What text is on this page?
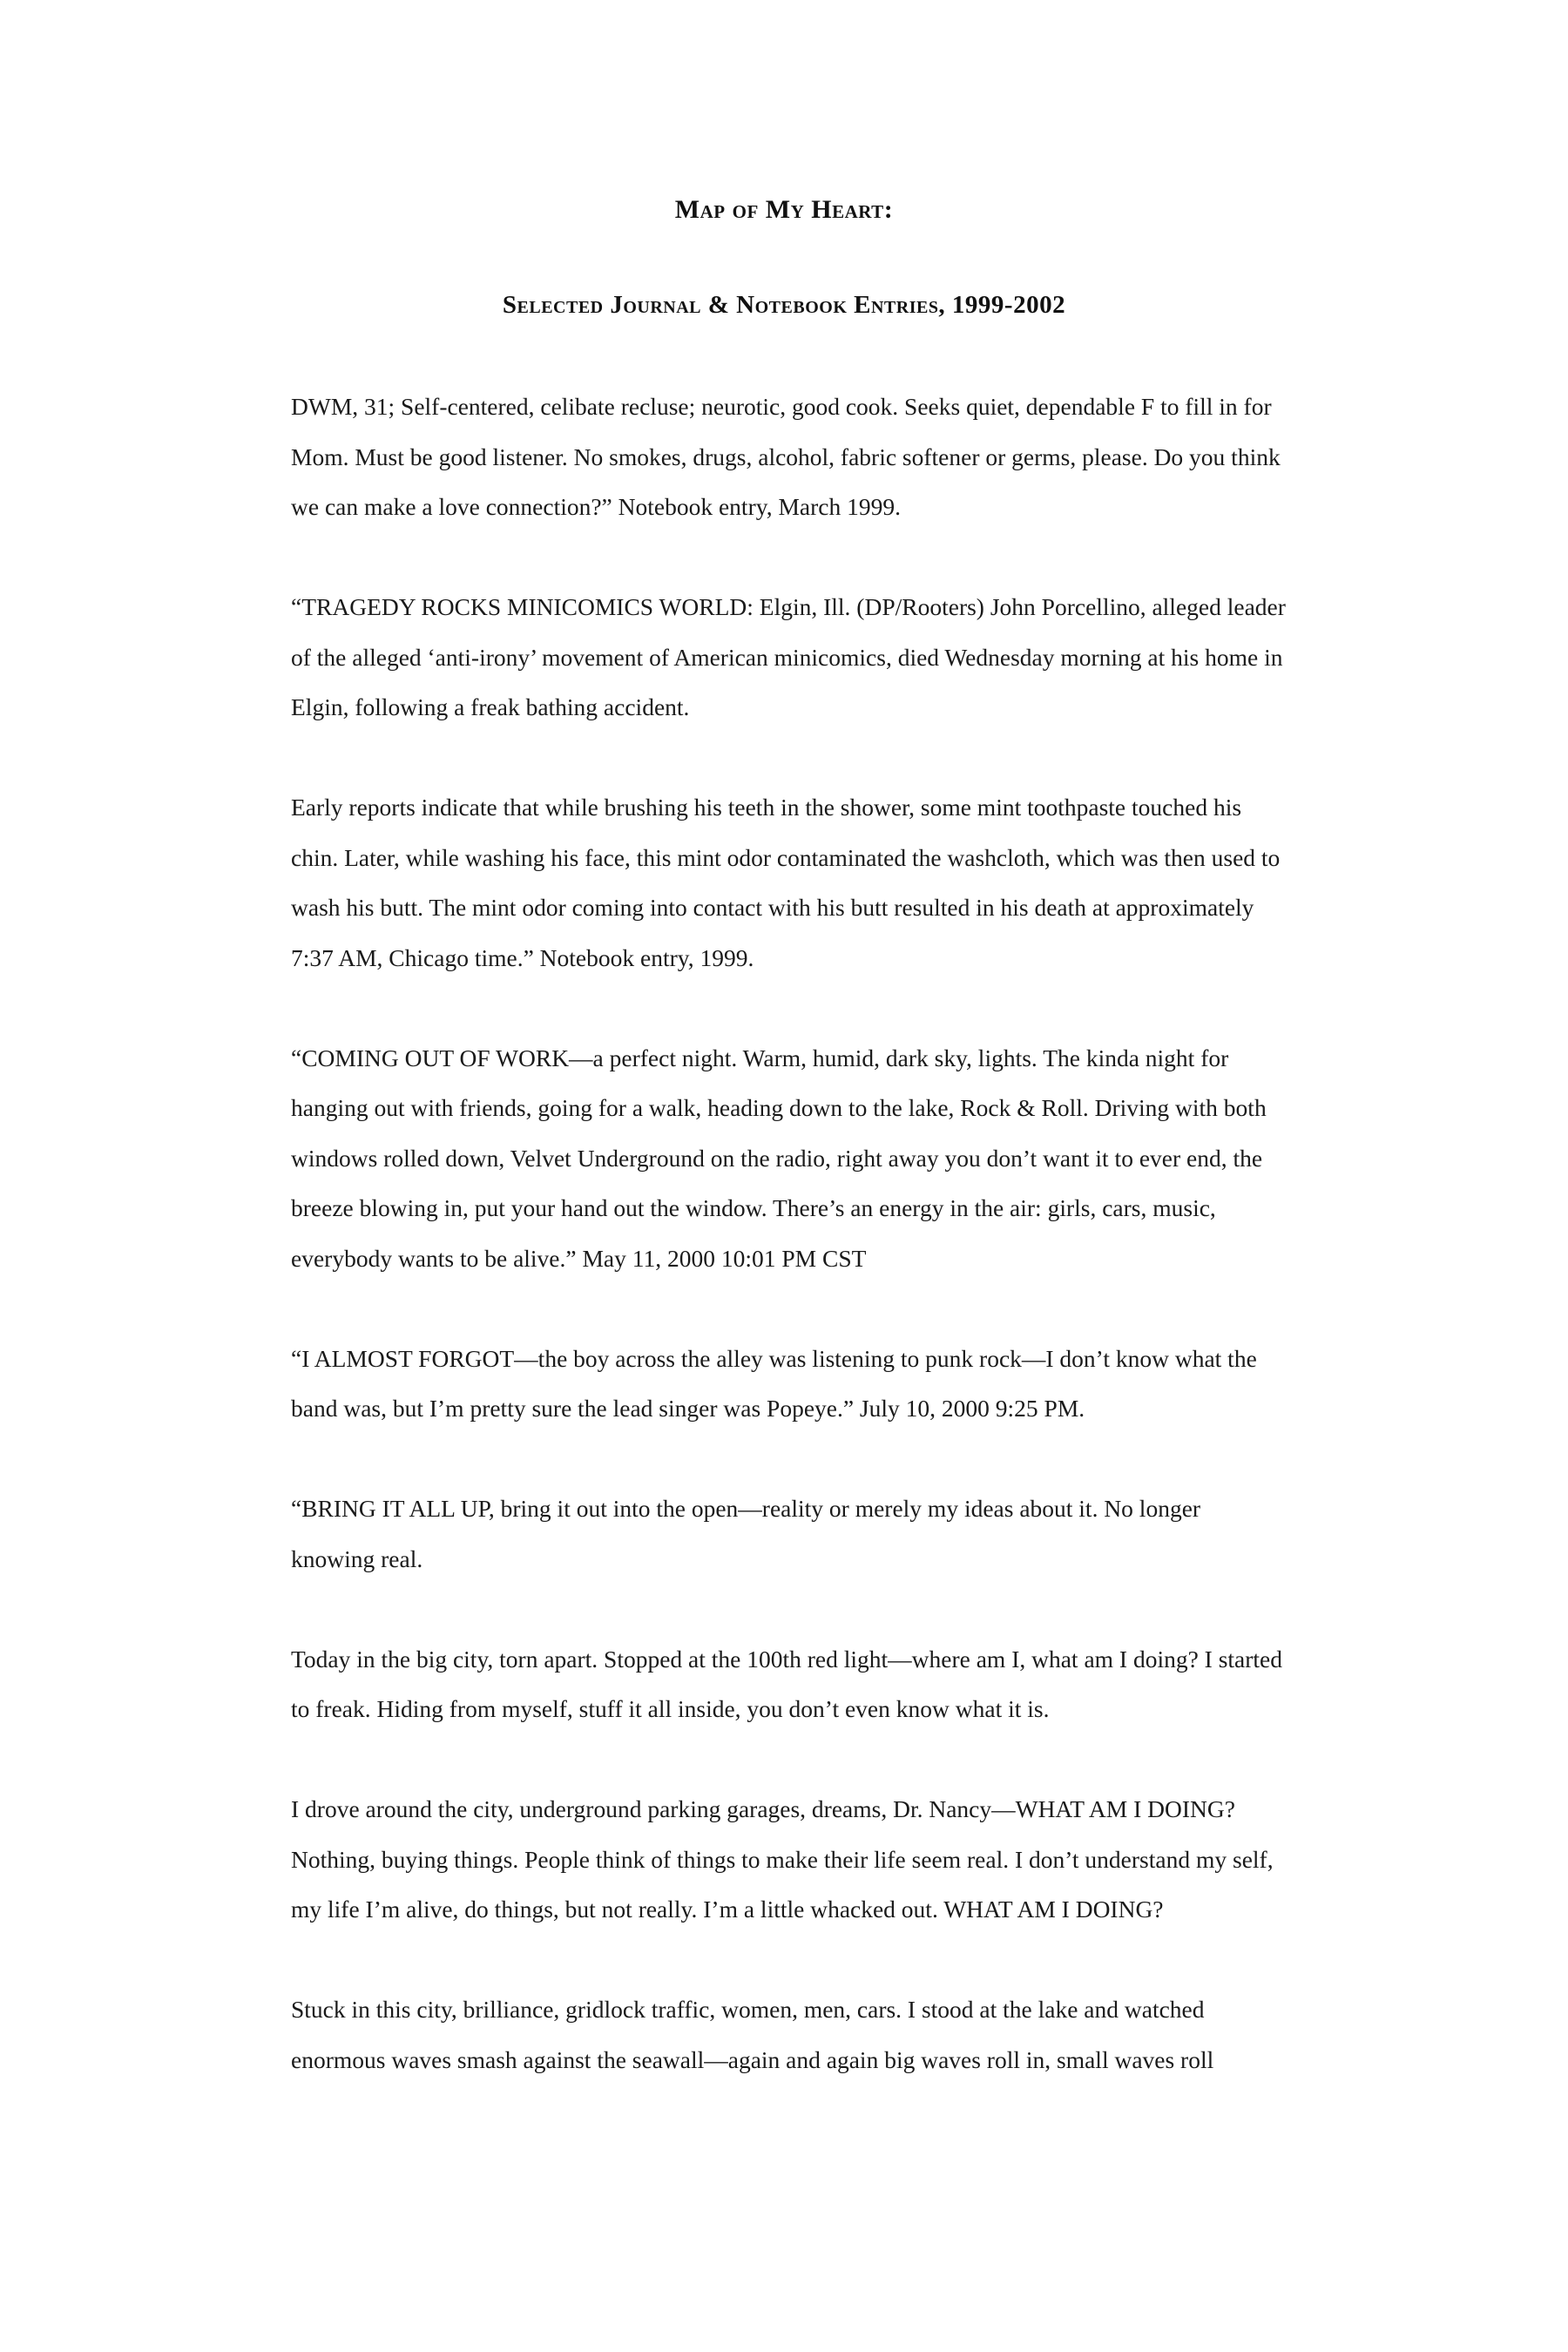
Map of My Heart:
Selected Journal & Notebook Entries, 1999-2002

DWM, 31; Self-centered, celibate recluse; neurotic, good cook. Seeks quiet, dependable F to fill in for Mom. Must be good listener. No smokes, drugs, alcohol, fabric softener or germs, please. Do you think we can make a love connection?” Notebook entry, March 1999.

“TRAGEDY ROCKS MINICOMICS WORLD: Elgin, Ill. (DP/Rooters) John Porcellino, alleged leader of the alleged ‘anti-irony’ movement of American minicomics, died Wednesday morning at his home in Elgin, following a freak bathing accident.

Early reports indicate that while brushing his teeth in the shower, some mint toothpaste touched his chin. Later, while washing his face, this mint odor contaminated the washcloth, which was then used to wash his butt. The mint odor coming into contact with his butt resulted in his death at approximately 7:37 AM, Chicago time.” Notebook entry, 1999.

“COMING OUT OF WORK—a perfect night. Warm, humid, dark sky, lights. The kinda night for hanging out with friends, going for a walk, heading down to the lake, Rock & Roll. Driving with both windows rolled down, Velvet Underground on the radio, right away you don’t want it to ever end, the breeze blowing in, put your hand out the window. There’s an energy in the air: girls, cars, music, everybody wants to be alive.” May 11, 2000 10:01 PM CST

“I ALMOST FORGOT—the boy across the alley was listening to punk rock—I don’t know what the band was, but I’m pretty sure the lead singer was Popeye.” July 10, 2000 9:25 PM.

“BRING IT ALL UP, bring it out into the open—reality or merely my ideas about it. No longer knowing real.

Today in the big city, torn apart. Stopped at the 100th red light—where am I, what am I doing? I started to freak. Hiding from myself, stuff it all inside, you don’t even know what it is.

I drove around the city, underground parking garages, dreams, Dr. Nancy—WHAT AM I DOING? Nothing, buying things. People think of things to make their life seem real. I don’t understand my self, my life I’m alive, do things, but not really. I’m a little whacked out. WHAT AM I DOING?

Stuck in this city, brilliance, gridlock traffic, women, men, cars. I stood at the lake and watched enormous waves smash against the seawall—again and again big waves roll in, small waves roll
